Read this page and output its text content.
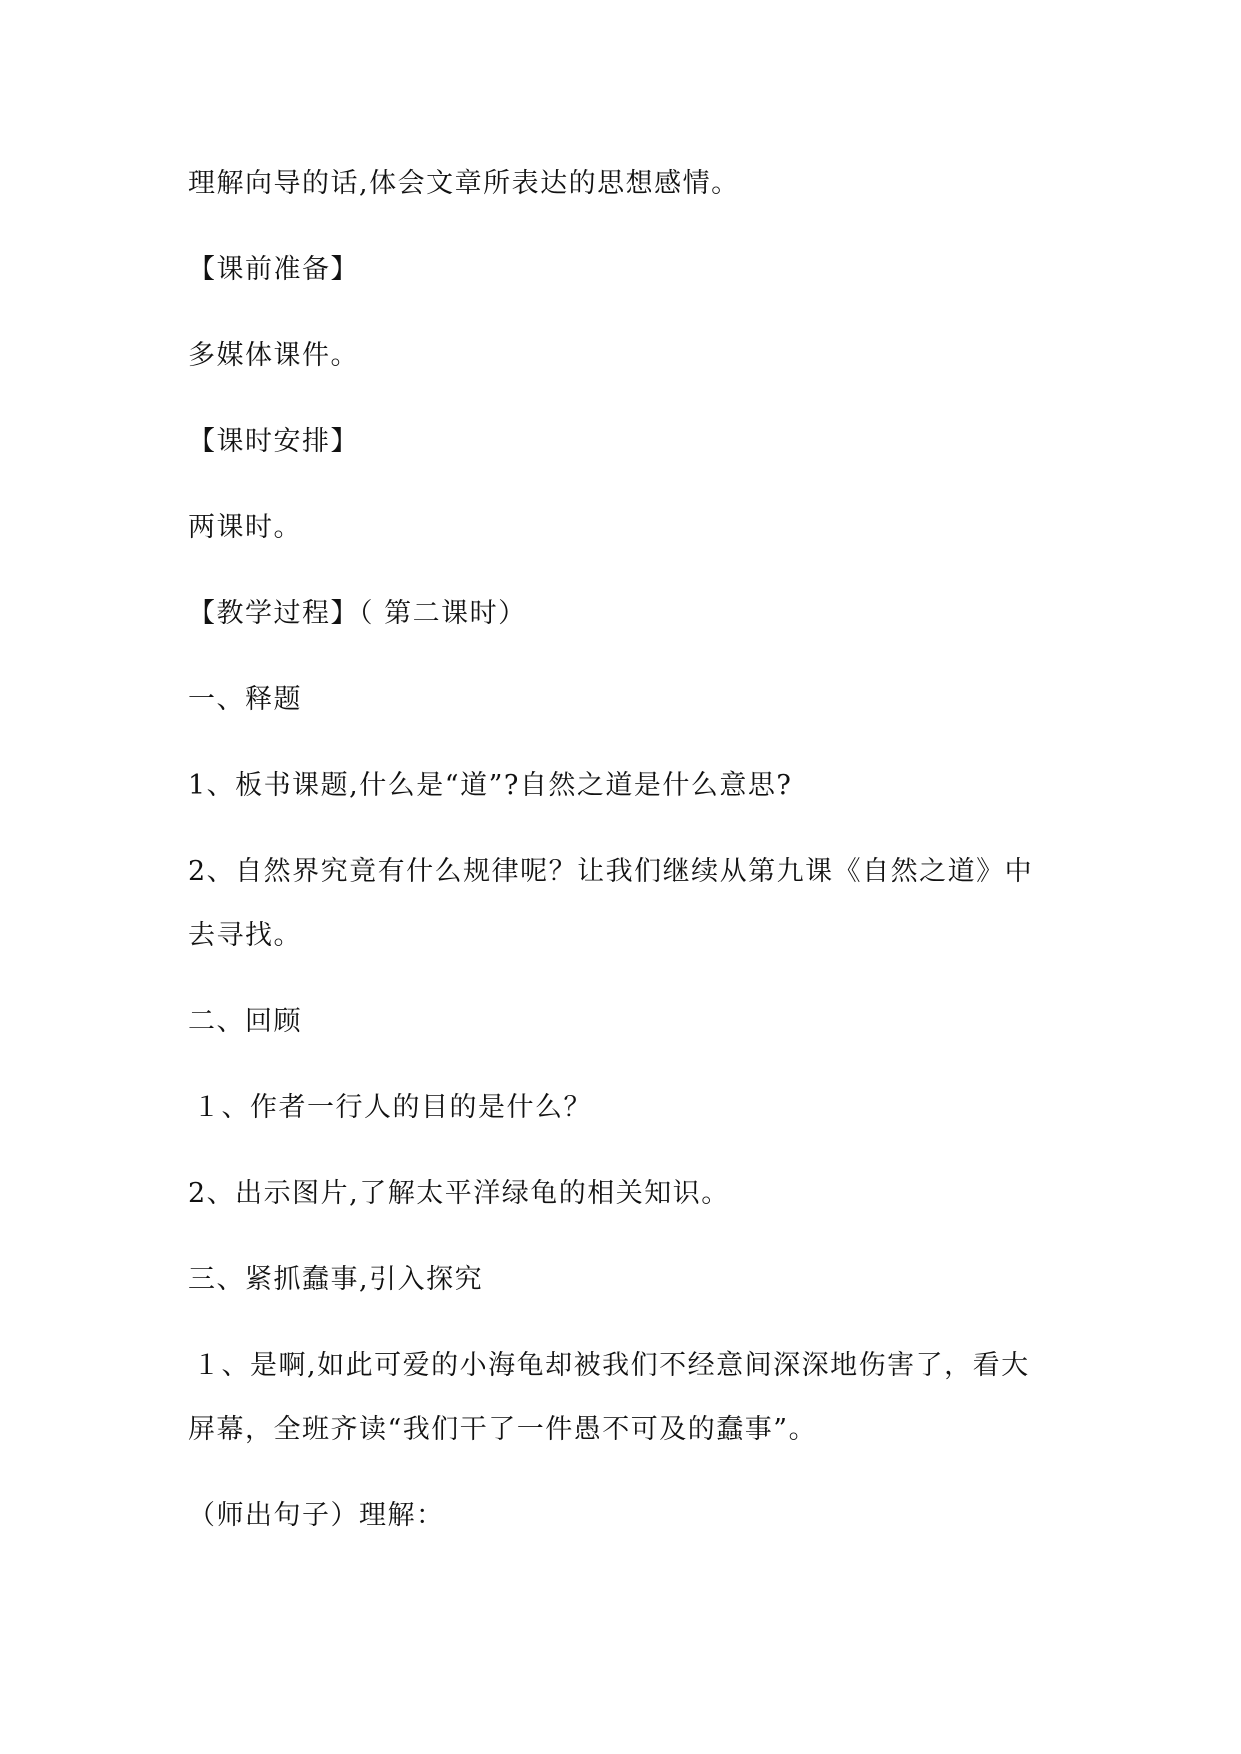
理解向导的话,体会文章所表达的思想感情。
【课前准备】
多媒体课件。
【课时安排】
两课时。
【教学过程】（ 第二课时）
一、释题
1、板书课题,什么是“道”?自然之道是什么意思?
2、自然界究竟有什么规律呢？让我们继续从第九课《自然之道》中
去寻找。
二、回顾
１、作者一行人的目的是什么？
2、出示图片,了解太平洋绿龟的相关知识。
三、紧抓蠢事,引入探究
１、是啊,如此可爱的小海龟却被我们不经意间深深地伤害了，看大
屏幕，全班齐读“我们干了一件愚不可及的蠢事”。
（师出句子）理解：
